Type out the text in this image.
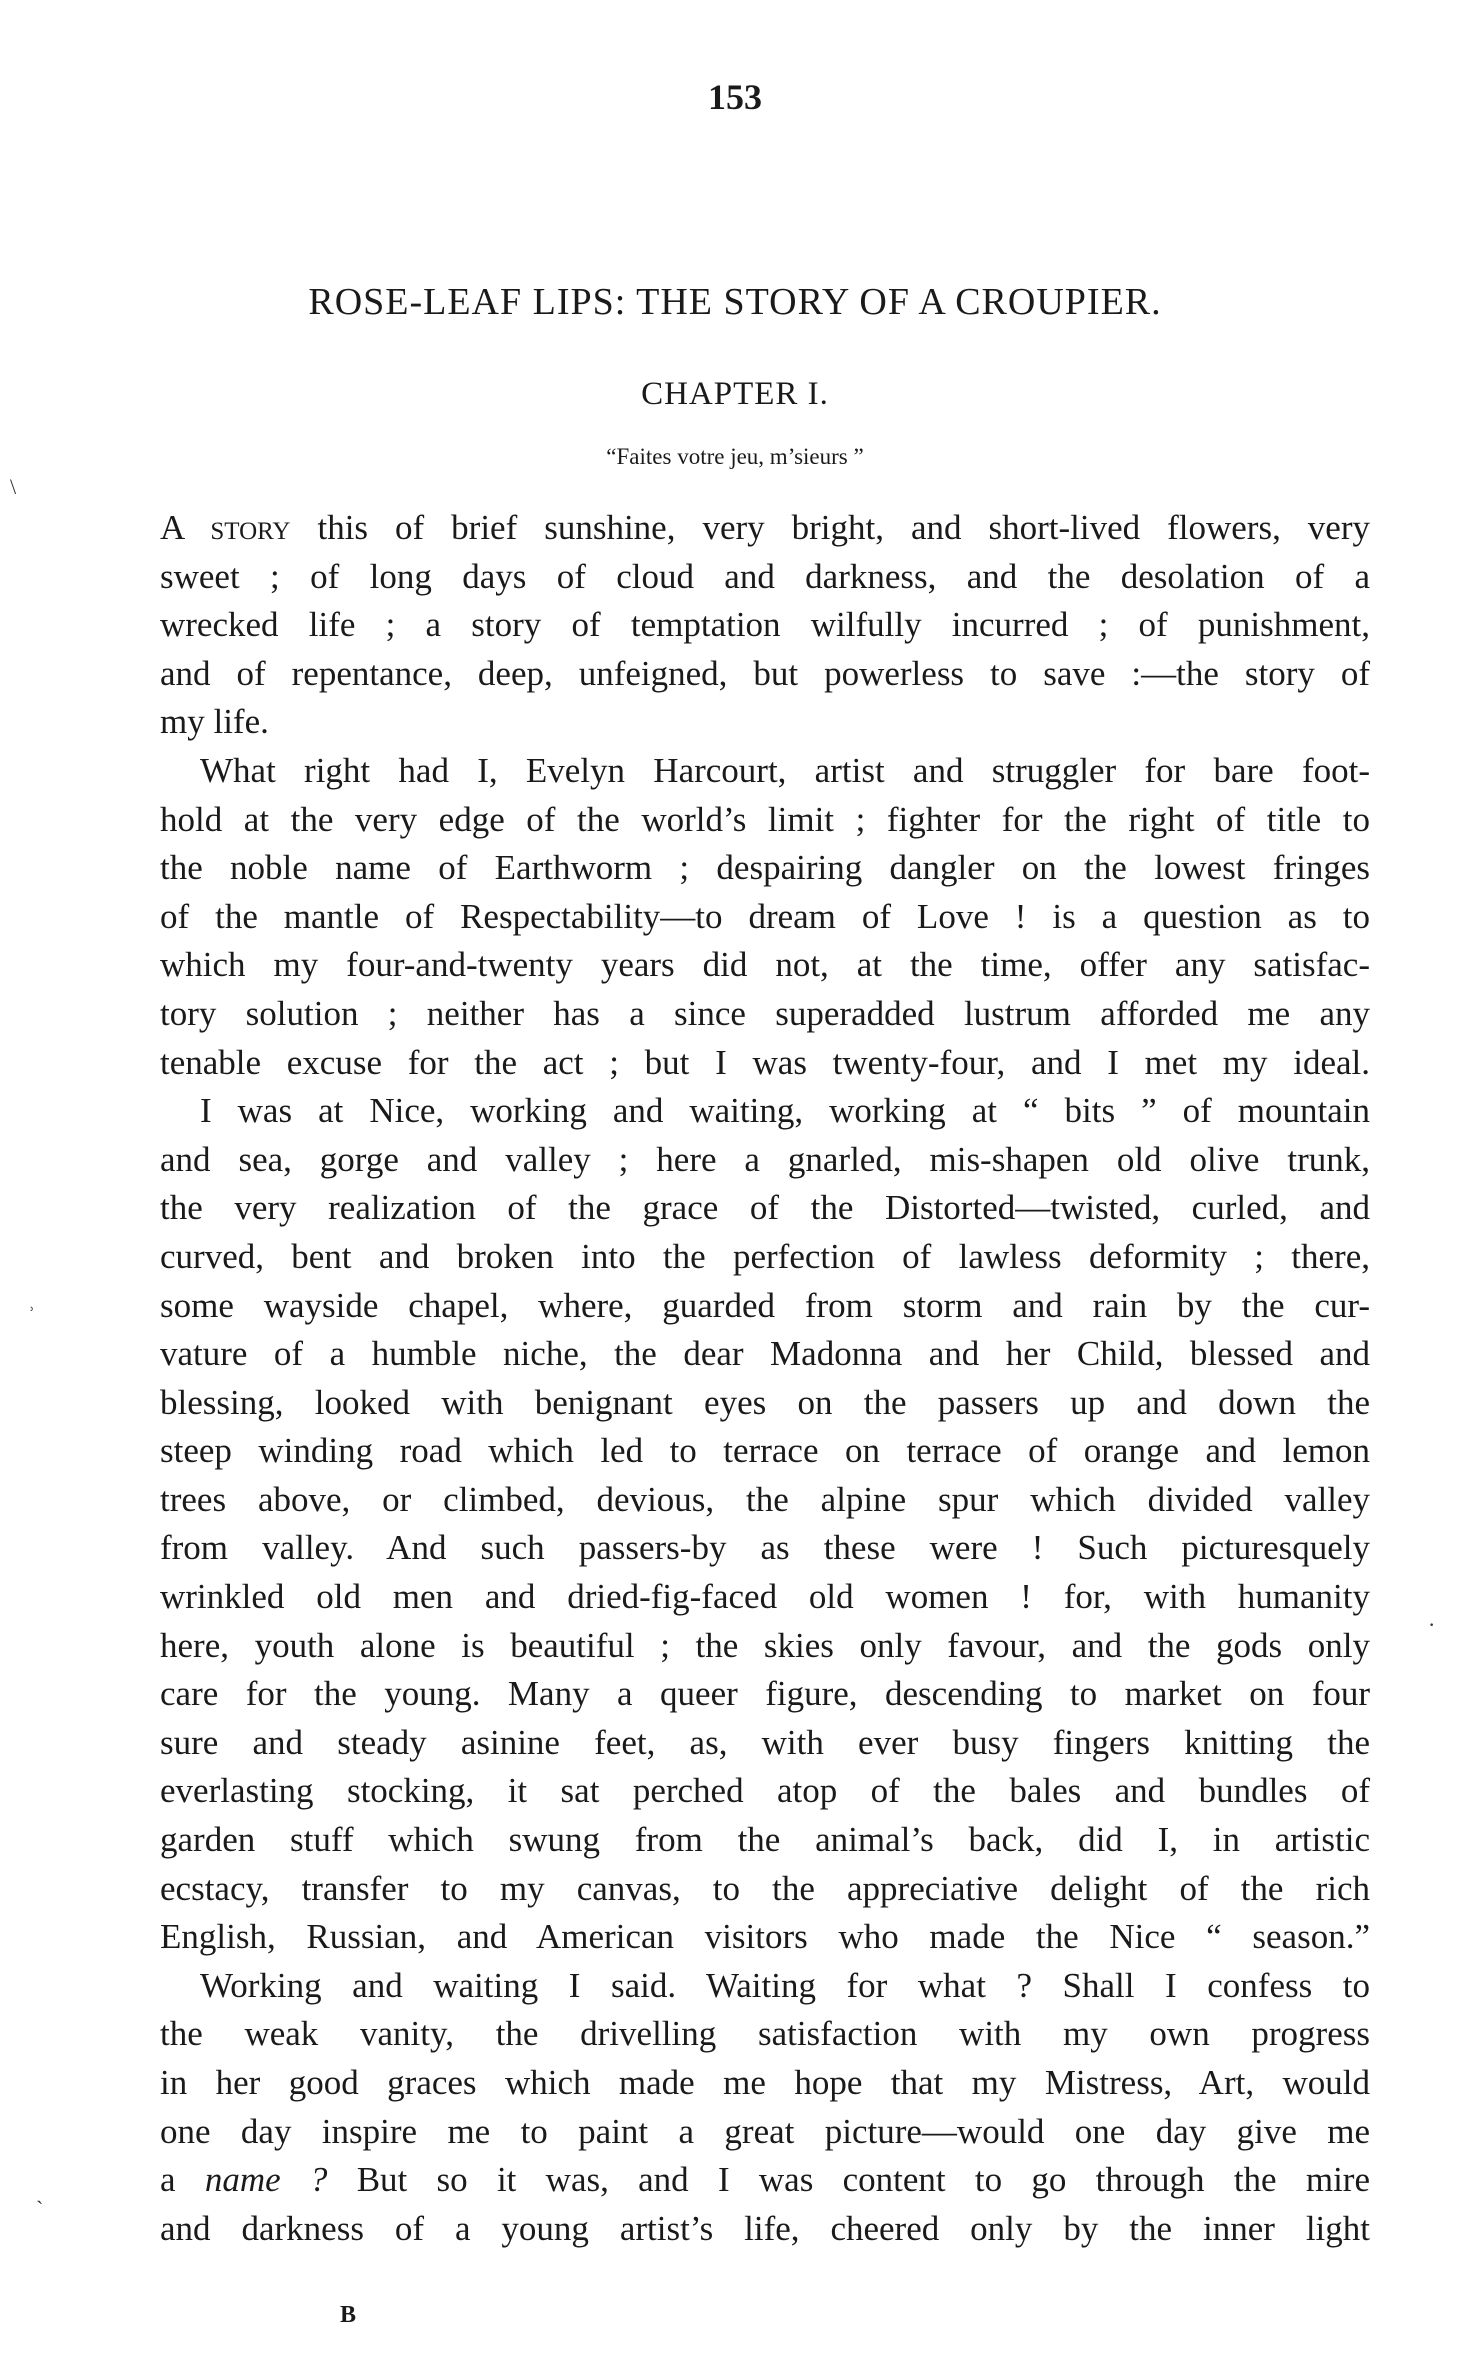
153
ROSE-LEAF LIPS: THE STORY OF A CROUPIER.
CHAPTER I.
“Faites votre jeu, m’sieurs ”
A story this of brief sunshine, very bright, and short-lived flowers, very
sweet ; of long days of cloud and darkness, and the desolation of a
wrecked life ; a story of temptation wilfully incurred ; of punishment,
and of repentance, deep, unfeigned, but powerless to save :—the story of
my life.
What right had I, Evelyn Harcourt, artist and struggler for bare foot-
hold at the very edge of the world’s limit ; fighter for the right of title to
the noble name of Earthworm ; despairing dangler on the lowest fringes
of the mantle of Respectability—to dream of Love ! is a question as to
which my four-and-twenty years did not, at the time, offer any satisfac-
tory solution ; neither has a since superadded lustrum afforded me any
tenable excuse for the act ; but I was twenty-four, and I met my ideal.
I was at Nice, working and waiting, working at “ bits ” of mountain
and sea, gorge and valley ; here a gnarled, mis-shapen old olive trunk,
the very realization of the grace of the Distorted—twisted, curled, and
curved, bent and broken into the perfection of lawless deformity ; there,
some wayside chapel, where, guarded from storm and rain by the cur-
vature of a humble niche, the dear Madonna and her Child, blessed and
blessing, looked with benignant eyes on the passers up and down the
steep winding road which led to terrace on terrace of orange and lemon
trees above, or climbed, devious, the alpine spur which divided valley
from valley. And such passers-by as these were ! Such picturesquely
wrinkled old men and dried-fig-faced old women ! for, with humanity
here, youth alone is beautiful ; the skies only favour, and the gods only
care for the young. Many a queer figure, descending to market on four
sure and steady asinine feet, as, with ever busy fingers knitting the
everlasting stocking, it sat perched atop of the bales and bundles of
garden stuff which swung from the animal’s back, did I, in artistic
ecstacy, transfer to my canvas, to the appreciative delight of the rich
English, Russian, and American visitors who made the Nice “ season.”
Working and waiting I said. Waiting for what ? Shall I confess to
the weak vanity, the drivelling satisfaction with my own progress
in her good graces which made me hope that my Mistress, Art, would
one day inspire me to paint a great picture—would one day give me
a name ? But so it was, and I was content to go through the mire
and darkness of a young artist’s life, cheered only by the inner light
B
\
˒
·
˴
